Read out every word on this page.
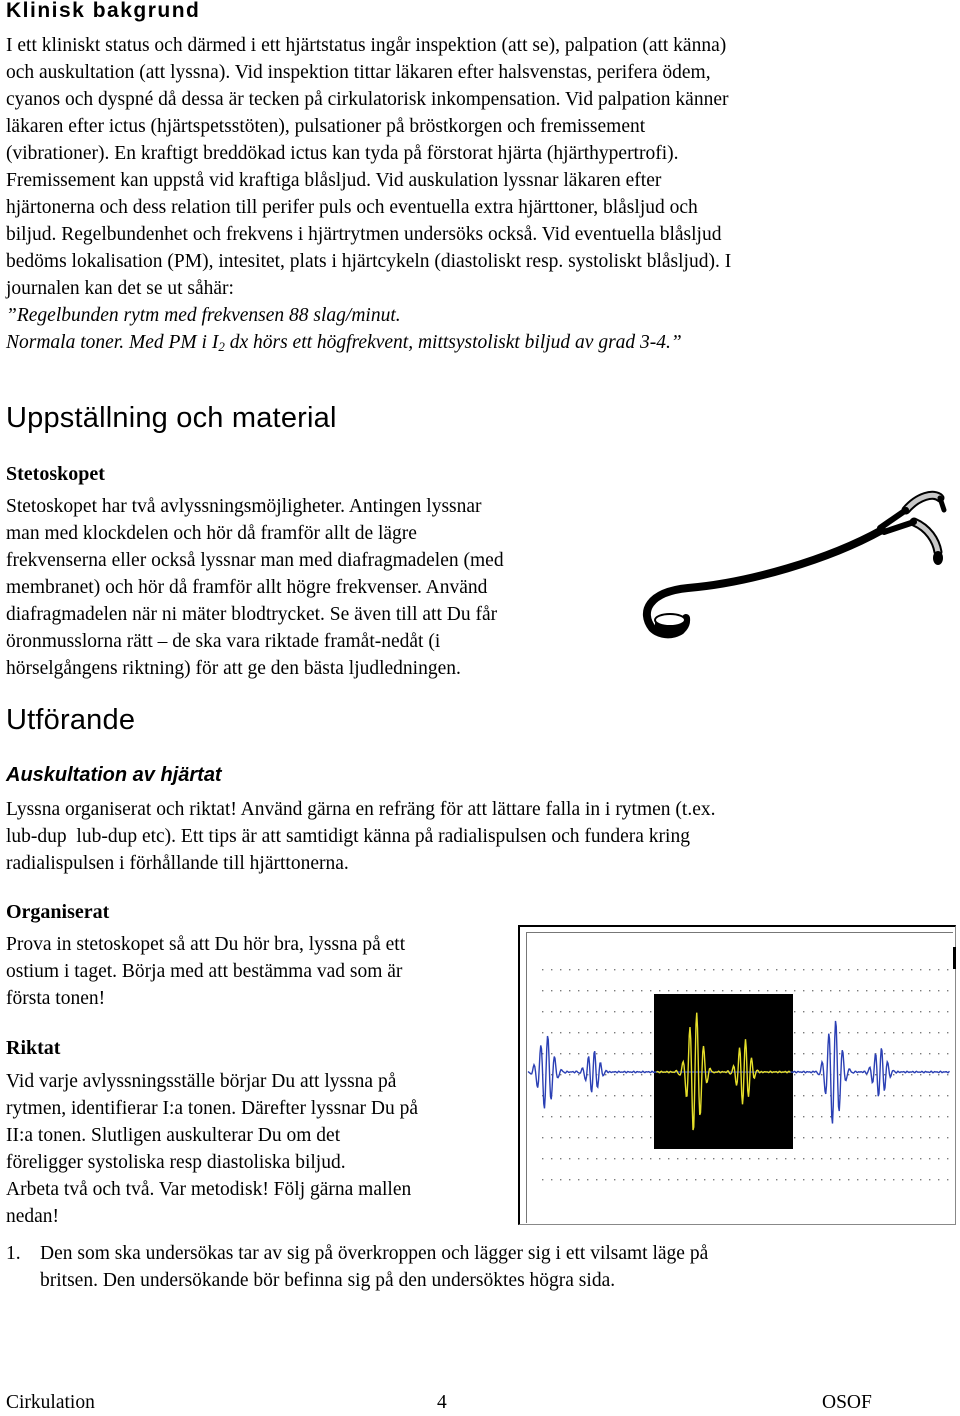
Klinisk bakgrund

I ett kliniskt status och därmed i ett hjärtstatus ingår inspektion (att se), palpation (att känna)

och auskultation (att lyssna). Vid inspektion tittar läkaren efter halsvenstas, perifera ödem,

cyanos och dyspné då dessa är tecken på cirkulatorisk inkompensation. Vid palpation känner

läkaren efter ictus (hjärtspetsstöten), pulsationer på bröstkorgen och fremissement

(vibrationer). En kraftigt breddökad ictus kan tyda på förstorat hjärta (hjärthypertrofi).

Fremissement kan uppstå vid kraftiga blåsljud. Vid auskulation lyssnar läkaren efter

hjärtonerna och dess relation till perifer puls och eventuella extra hjärttoner, blåsljud och

biljud. Regelbundenhet och frekvens i hjärtrytmen undersöks också. Vid eventuella blåsljud

bedöms lokalisation (PM), intesitet, plats i hjärtcykeln (diastoliskt resp. systoliskt blåsljud). I

journalen kan det se ut såhär:

”Regelbunden rytm med frekvensen 88 slag/minut.

Normala toner. Med PM i $I_2$ dx hörs ett högfrekvent, mittsystoliskt biljud av grad 3-4.”

Uppställning och material
Stetoskopet

Stetoskopet har två avlyssningsmöjligheter. Antingen lyssnar

man med klockdelen och hör då framför allt de lägre

frekvenserna eller också lyssnar man med diafragmadelen (med

membranet) och hör då framför allt högre frekvenser. Använd

diafragmadelen när ni mäter blodtrycket. Se även till att Du får

öronmusslorna rätt – de ska vara riktade framåt-nedåt (i

hörselgångens riktning) för att ge den bästa ljudledningen.

Utförande
Auskultation av hjärtat

Lyssna organiserat och riktat! Använd gärna en refräng för att lättare falla in i rytmen (t.ex.

lub-dup  lub-dup etc). Ett tips är att samtidigt känna på radialispulsen och fundera kring

radialispulsen i förhållande till hjärttonerna.

Organiserat

Prova in stetoskopet så att Du hör bra, lyssna på ett

ostium i taget. Börja med att bestämma vad som är

första tonen!

Riktat

Vid varje avlyssningsställe börjar Du att lyssna på

rytmen, identifierar I:a tonen. Därefter lyssnar Du på

II:a tonen. Slutligen auskulterar Du om det

föreligger systoliska resp diastoliska biljud.

Arbeta två och två. Var metodisk! Följ gärna mallen

nedan!

1. Den som ska undersökas tar av sig på överkroppen och lägger sig i ett vilsamt läge på

britsen. Den undersökande bör befinna sig på den undersöktes högra sida.

Cirkulation	4	OSOF
